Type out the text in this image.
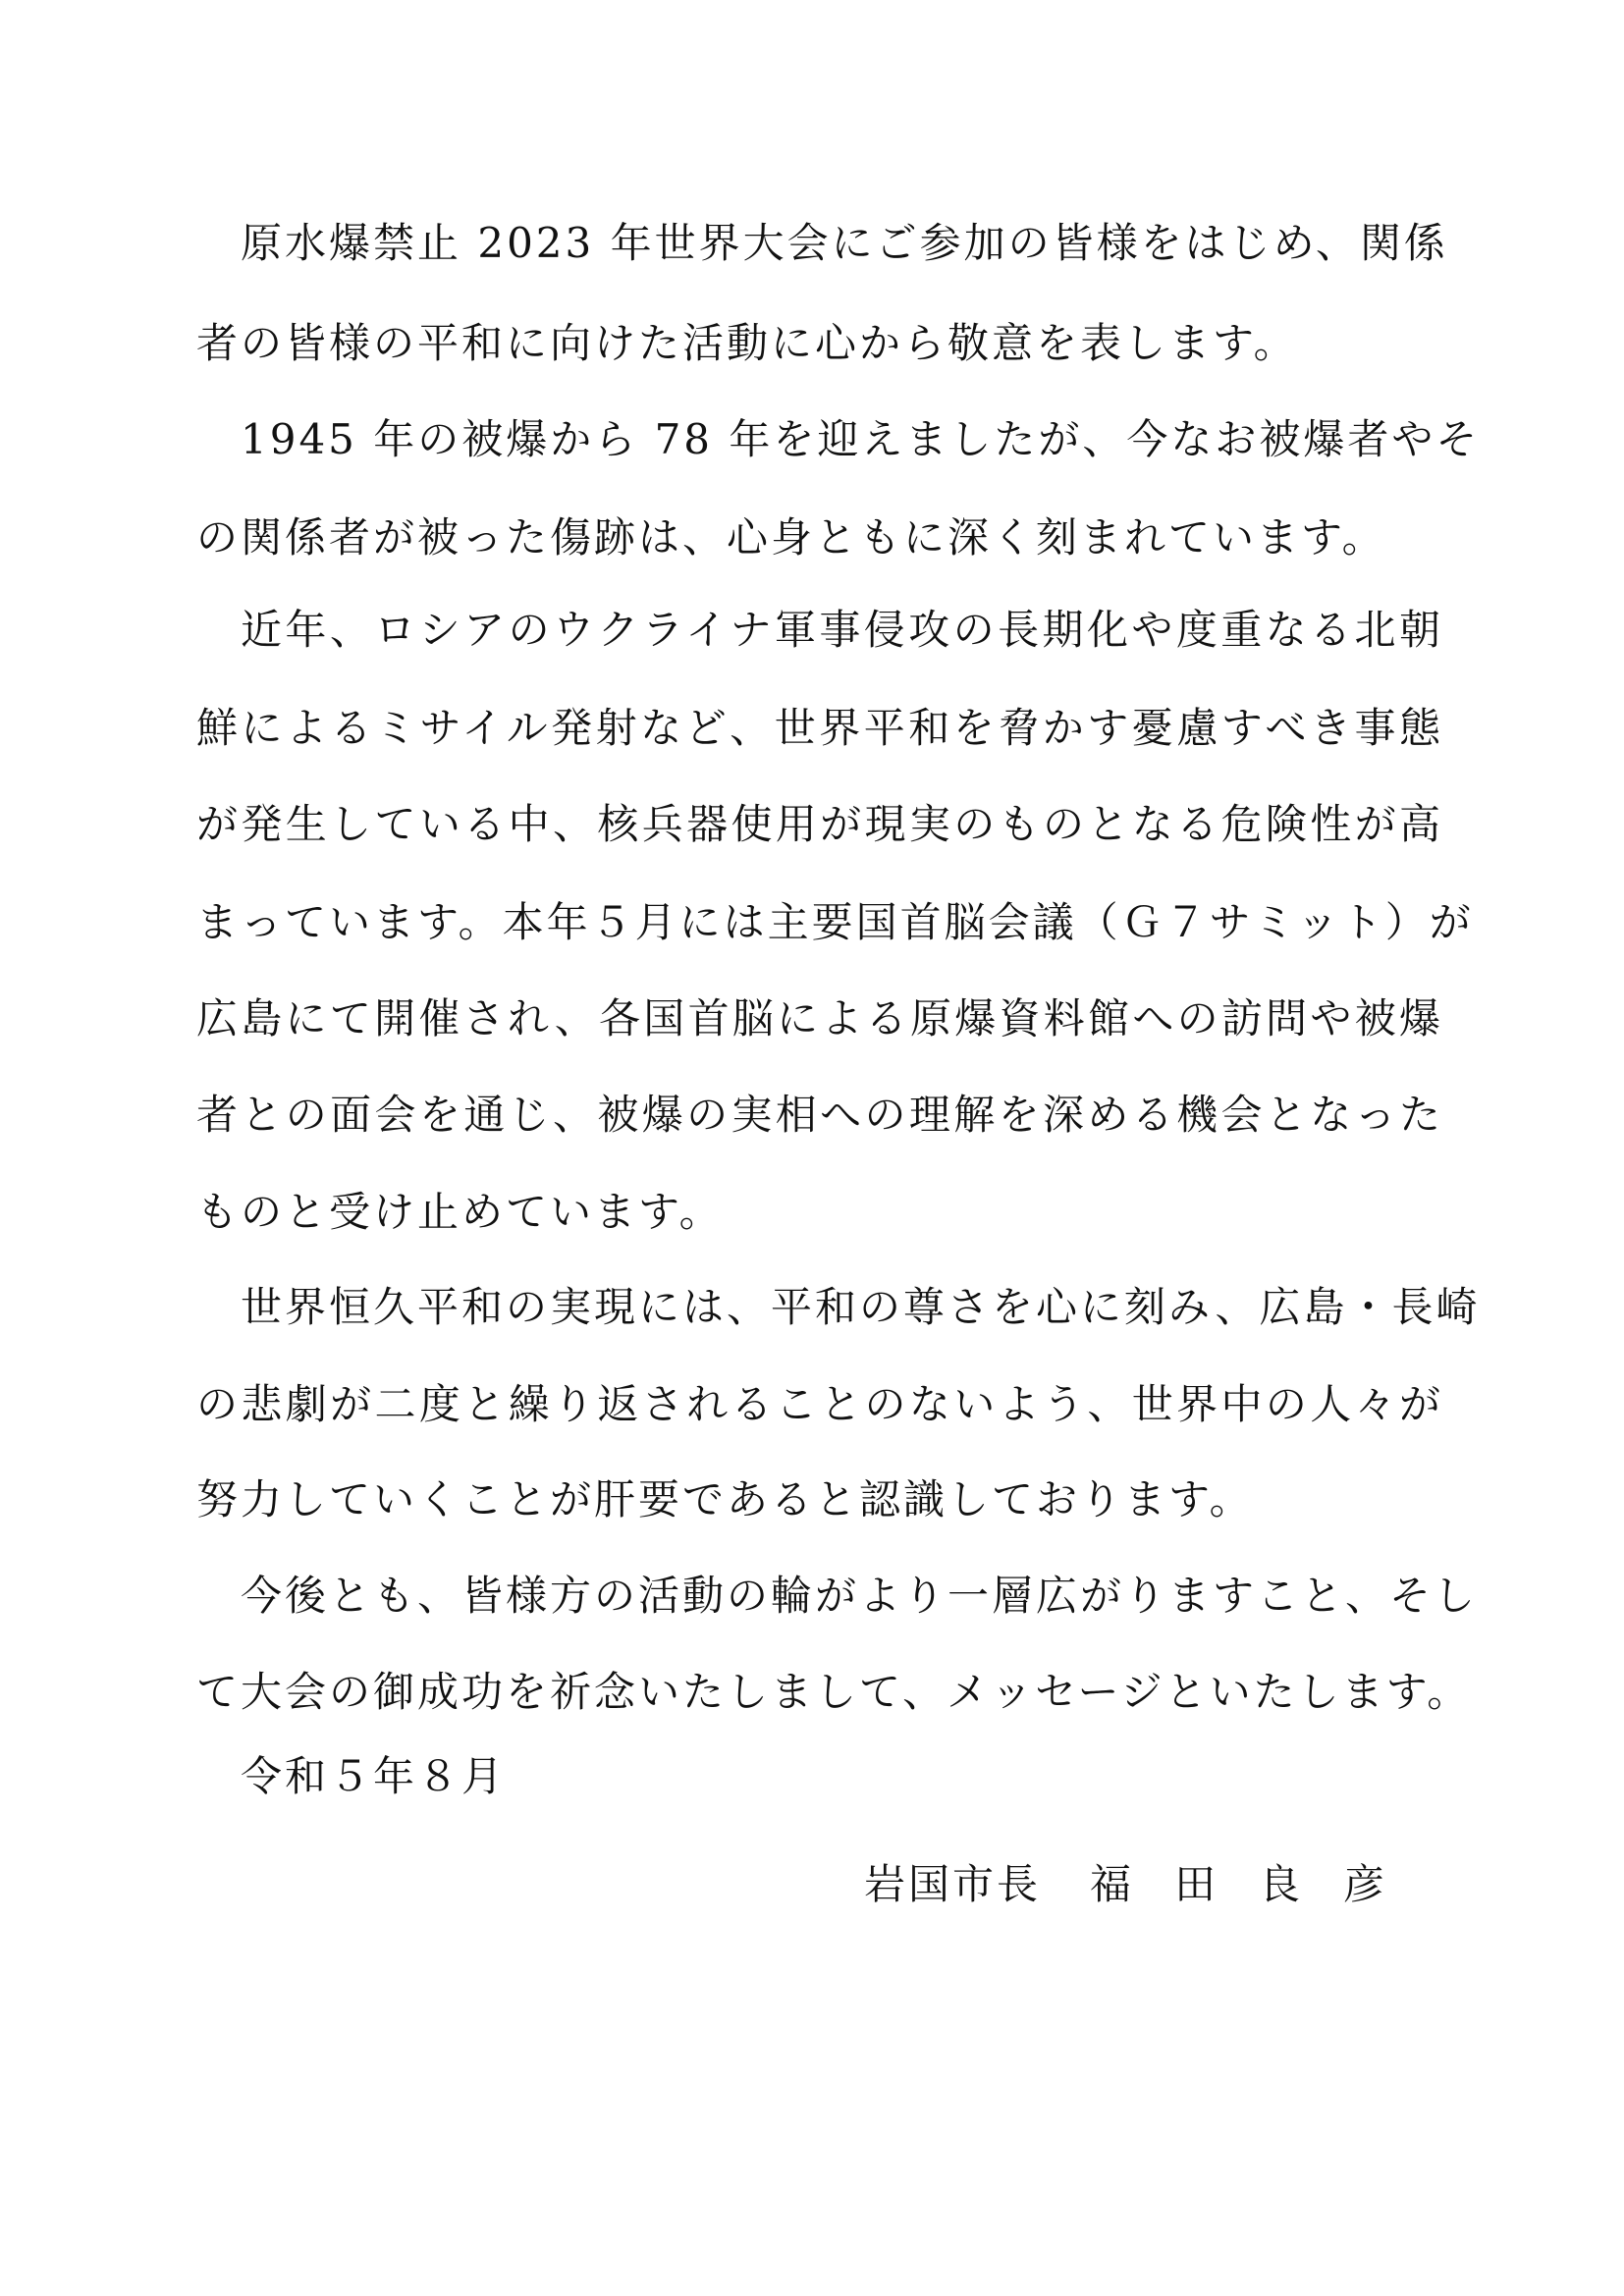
原水爆禁止 2023 年世界大会にご参加の皆様をはじめ、関係

者の皆様の平和に向けた活動に心から敬意を表します。

1945 年の被爆から 78 年を迎えましたが、今なお被爆者やそ

の関係者が被った傷跡は、心身ともに深く刻まれています。

近年、ロシアのウクライナ軍事侵攻の長期化や度重なる北朝

鮮によるミサイル発射など、世界平和を脅かす憂慮すべき事態

が発生している中、核兵器使用が現実のものとなる危険性が高

まっています。本年５月には主要国首脳会議（Ｇ７サミット）が

広島にて開催され、各国首脳による原爆資料館への訪問や被爆

者との面会を通じ、被爆の実相への理解を深める機会となった

ものと受け止めています。

世界恒久平和の実現には、平和の尊さを心に刻み、広島・長崎

の悲劇が二度と繰り返されることのないよう、世界中の人々が

努力していくことが肝要であると認識しております。

今後とも、皆様方の活動の輪がより一層広がりますこと、そし

て大会の御成功を祈念いたしまして、メッセージといたします。

令和５年８月
岩国市長 福 田 良 彦
